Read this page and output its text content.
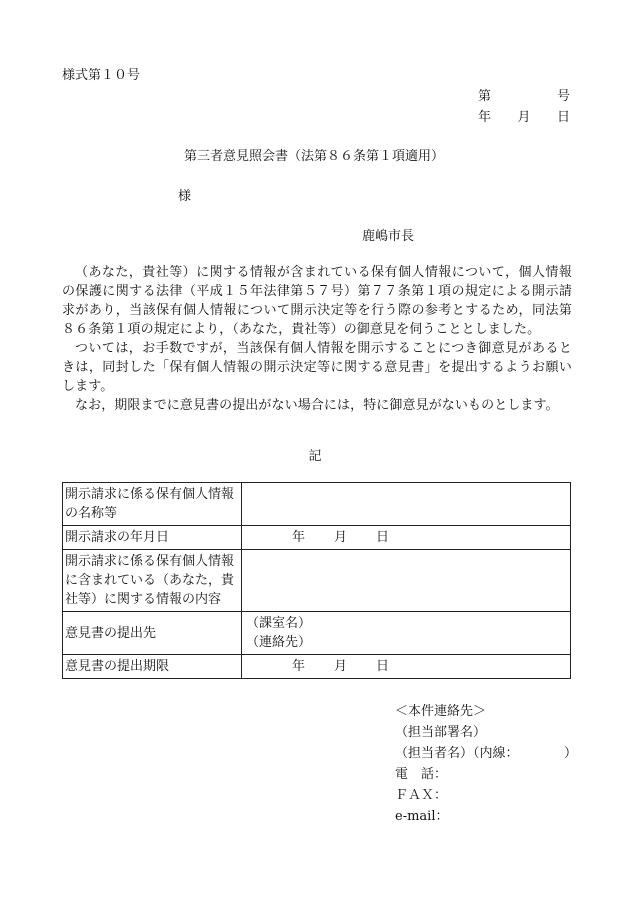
様式第１０号
第	号
年 月 日
第三者意見照会書（法第８６条第１項適用）
様
鹿嶋市長

（あなた，貴社等）に関する情報が含まれている保有個人情報について，個人情報の保護に関する法律（平成１５年法律第５７号）第７７条第１項の規定による開示請求があり，当該保有個人情報について開示決定等を行う際の参考とするため，同法第８６条第１項の規定により，（あなた，貴社等）の御意見を伺うこととしました。

ついては，お手数ですが，当該保有個人情報を開示することにつき御意見があるときは，同封した「保有個人情報の開示決定等に関する意見書」を提出するようお願いします。

なお，期限までに意見書の提出がない場合には，特に御意見がないものとします。

記
開示請求に係る保有個人情報の名称等	
開示請求の年月日	年 月 日

開示請求に係る保有個人情報に含まれている（あなた，貴社等）に関する情報の内容	
意見書の提出先	（課室名）
（連絡先）

意見書の提出期限	年 月 日
＜本件連絡先＞
（担当部署名）
（担当者名）（内線：　　　　）
電　話：
ＦＡＸ：
e-mail：
